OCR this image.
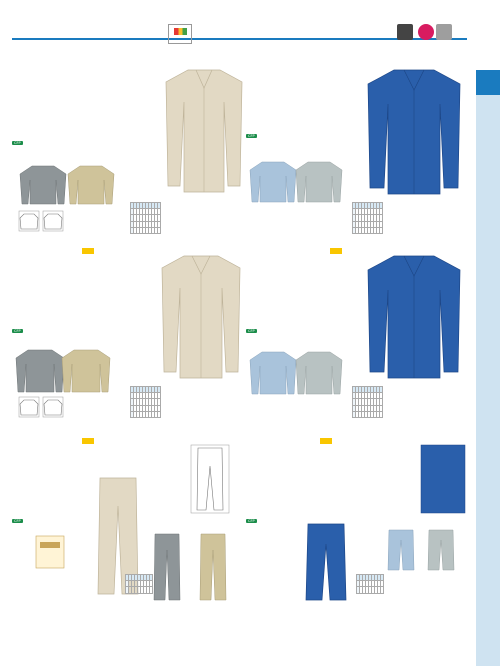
CFP

CFP

CFP

										CFP

CFP	CFP
